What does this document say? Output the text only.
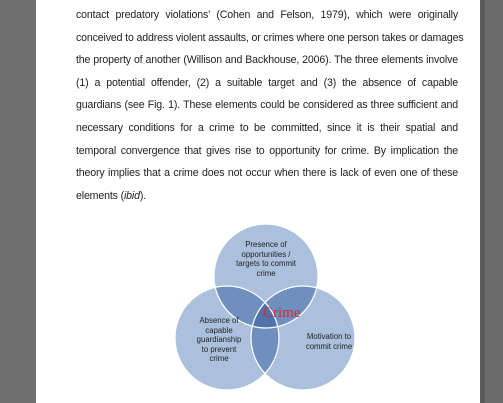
contact predatory violations’ (Cohen and Felson, 1979), which were originally
conceived to address violent assaults, or crimes where one person takes or damages
the property of another (Willison and Backhouse, 2006). The three elements involve
(1) a potential offender, (2) a suitable target and (3) the absence of capable
guardians (see Fig. 1). These elements could be considered as three sufficient and
necessary conditions for a crime to be committed, since it is their spatial and
temporal convergence that gives rise to opportunity for crime. By implication the
theory implies that a crime does not occur when there is lack of even one of these
elements (ibid).

Presence of
opportunities /
targets to commit
crime
Absence of
capable
guardianship
to prevent
crime
Motivation to
commit crime
Crime
